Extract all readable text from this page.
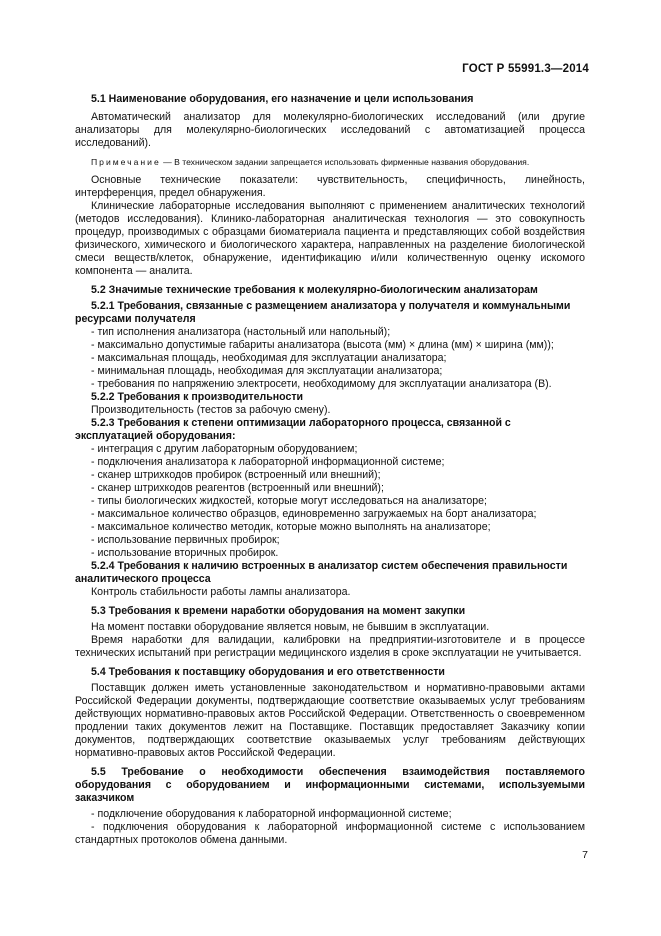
ГОСТ Р 55991.3—2014

5.1 Наименование оборудования, его назначение и цели использования

Автоматический анализатор для молекулярно-биологических исследований (или другие анализаторы для молекулярно-биологических исследований с автоматизацией процесса исследований).

Примечание — В техническом задании запрещается использовать фирменные названия оборудования.

Основные технические показатели: чувствительность, специфичность, линейность, интерференция, предел обнаружения.

Клинические лабораторные исследования выполняют с применением аналитических технологий (методов исследования). Клинико-лабораторная аналитическая технология — это совокупность процедур, производимых с образцами биоматериала пациента и представляющих собой воздействия физического, химического и биологического характера, направленных на разделение биологической смеси веществ/клеток, обнаружение, идентификацию и/или количественную оценку искомого компонента — аналита.

5.2 Значимые технические требования к молекулярно-биологическим анализаторам

5.2.1 Требования, связанные с размещением анализатора у получателя и коммунальными ресурсами получателя

- тип исполнения анализатора (настольный или напольный);

- максимально допустимые габариты анализатора (высота (мм) × длина (мм) × ширина (мм));

- максимальная площадь, необходимая для эксплуатации анализатора;

- минимальная площадь, необходимая для эксплуатации анализатора;

- требования по напряжению электросети, необходимому для эксплуатации анализатора (В).

5.2.2 Требования к производительности

Производительность (тестов за рабочую смену).

5.2.3 Требования к степени оптимизации лабораторного процесса, связанной с эксплуатацией оборудования:

- интеграция с другим лабораторным оборудованием;

- подключения анализатора к лабораторной информационной системе;

- сканер штрихкодов пробирок (встроенный или внешний);

- сканер штрихкодов реагентов (встроенный или внешний);

- типы биологических жидкостей, которые могут исследоваться на анализаторе;

- максимальное количество образцов, единовременно загружаемых на борт анализатора;

- максимальное количество методик, которые можно выполнять на анализаторе;

- использование первичных пробирок;

- использование вторичных пробирок.

5.2.4 Требования к наличию встроенных в анализатор систем обеспечения правильности аналитического процесса

Контроль стабильности работы лампы анализатора.

5.3 Требования к времени наработки оборудования на момент закупки

На момент поставки оборудование является новым, не бывшим в эксплуатации.

Время наработки для валидации, калибровки на предприятии-изготовителе и в процессе технических испытаний при регистрации медицинского изделия в сроке эксплуатации не учитывается.

5.4 Требования к поставщику оборудования и его ответственности

Поставщик должен иметь установленные законодательством и нормативно-правовыми актами Российской Федерации документы, подтверждающие соответствие оказываемых услуг требованиям действующих нормативно-правовых актов Российской Федерации. Ответственность о своевременном продлении таких документов лежит на Поставщике. Поставщик предоставляет Заказчику копии документов, подтверждающих соответствие оказываемых услуг требованиям действующих нормативно-правовых актов Российской Федерации.

5.5 Требование о необходимости обеспечения взаимодействия поставляемого оборудования с оборудованием и информационными системами, используемыми заказчиком

- подключение оборудования к лабораторной информационной системе;

- подключения оборудования к лабораторной информационной системе с использованием стандартных протоколов обмена данными.

7
